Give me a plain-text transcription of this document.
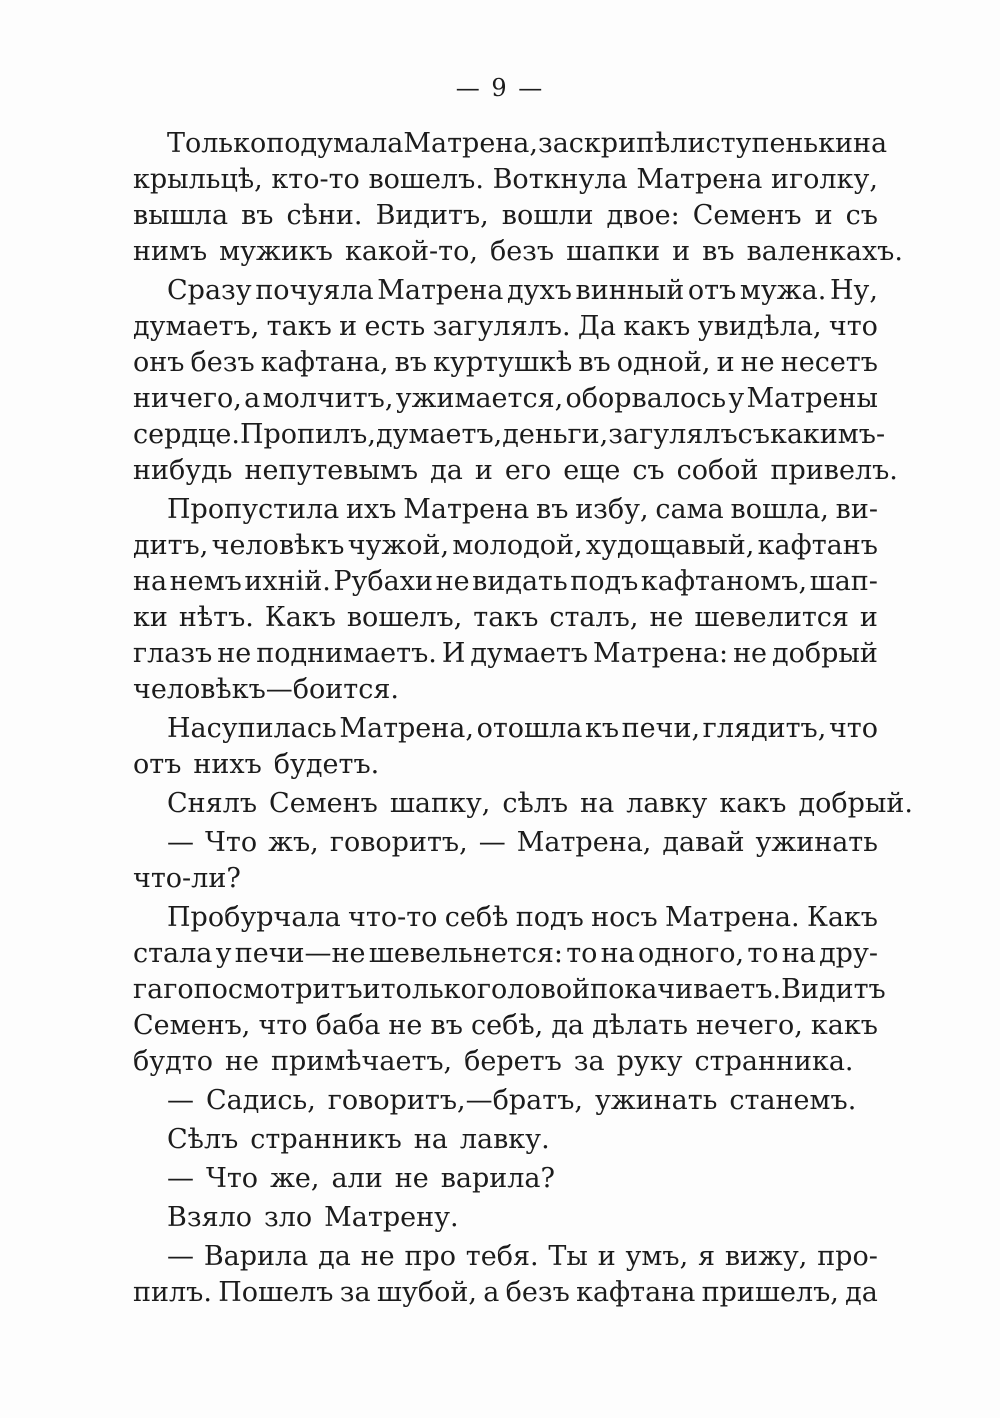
— 9 —
Только подумала Матрена, заскрипѣли ступеньки на
крыльцѣ, кто-то вошелъ. Воткнула Матрена иголку,
вышла въ сѣни. Видитъ, вошли двое: Семенъ и съ
нимъ мужикъ какой-то, безъ шапки и въ валенкахъ.
Сразу почуяла Матрена духъ винный отъ мужа. Ну,
думаетъ, такъ и есть загулялъ. Да какъ увидѣла, что
онъ безъ кафтана, въ куртушкѣ въ одной, и не несетъ
ничего, а молчитъ, ужимается, оборвалось у Матрены
сердце. Пропилъ, думаетъ, деньги, загулялъ съ какимъ-
нибудь непутевымъ да и его еще съ собой привелъ.
Пропустила ихъ Матрена въ избу, сама вошла, ви-
дитъ, человѣкъ чужой, молодой, худощавый, кафтанъ
на немъ ихній. Рубахи не видать подъ кафтаномъ, шап-
ки нѣтъ. Какъ вошелъ, такъ сталъ, не шевелится и
глазъ не поднимаетъ. И думаетъ Матрена: не добрый
человѣкъ—боится.
Насупилась Матрена, отошла къ печи, глядитъ, что
отъ нихъ будетъ.
Снялъ Семенъ шапку, сѣлъ на лавку какъ добрый.
— Что жъ, говоритъ, — Матрена, давай ужинать
что-ли?
Пробурчала что-то себѣ подъ носъ Матрена. Какъ
стала у печи—не шевельнется: то на одного, то на дру-
гаго посмотритъ и только головой покачиваетъ. Видитъ
Семенъ, что баба не въ себѣ, да дѣлать нечего, какъ
будто не примѣчаетъ, беретъ за руку странника.
— Садись, говоритъ,—братъ, ужинать станемъ.
Сѣлъ странникъ на лавку.
— Что же, али не варила?
Взяло зло Матрену.
— Варила да не про тебя. Ты и умъ, я вижу, про-
пилъ. Пошелъ за шубой, а безъ кафтана пришелъ, да
